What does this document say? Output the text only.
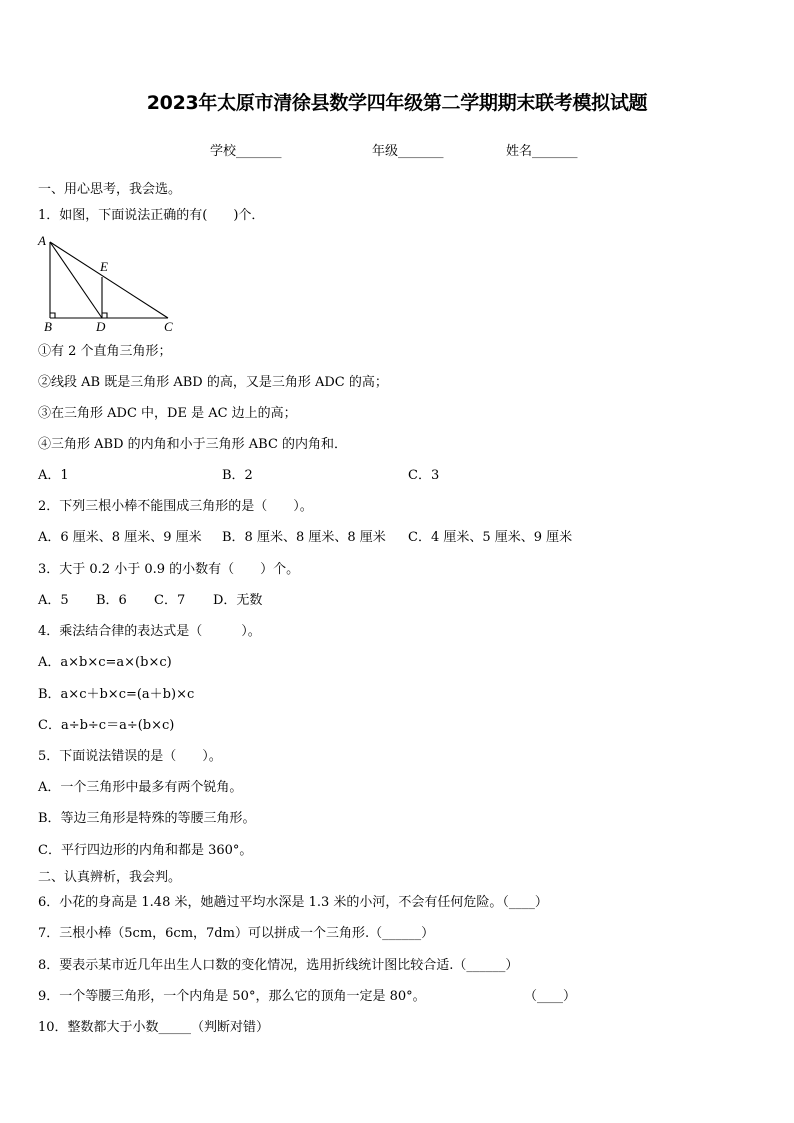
2023年太原市清徐县数学四年级第二学期期末联考模拟试题
学校_______	年级_______	姓名_______
一、用心思考，我会选。
1．如图，下面说法正确的有(　　)个．
A
B	D	C
E
①有 2 个直角三角形；
②线段 AB 既是三角形 ABD 的高，又是三角形 ADC 的高；
③在三角形 ADC 中，DE 是 AC 边上的高；
④三角形 ABD 的内角和小于三角形 ABC 的内角和．
A．1	B．2	C．3
2．下列三根小棒不能围成三角形的是（　　）。
A．6 厘米、8 厘米、9 厘米 B．8 厘米、8 厘米、8 厘米 C．4 厘米、5 厘米、9 厘米
3．大于 0.2 小于 0.9 的小数有（　　）个。
A．5 B．6 C．7 D．无数
4．乘法结合律的表达式是（　　　）。
A．a×b×c=a×(b×c)
B．a×c＋b×c=(a＋b)×c
C．a÷b÷c＝a÷(b×c)
5．下面说法错误的是（　　）。
A．一个三角形中最多有两个锐角。
B．等边三角形是特殊的等腰三角形。
C．平行四边形的内角和都是 360°。
二、认真辨析，我会判。
6．小花的身高是 1.48 米，她趟过平均水深是 1.3 米的小河，不会有任何危险。（____）
7．三根小棒（5cm，6cm，7dm）可以拼成一个三角形.（______）
8．要表示某市近几年出生人口数的变化情况，选用折线统计图比较合适.（______）
9．一个等腰三角形，一个内角是 50°，那么它的顶角一定是 80°。	（____）
10．整数都大于小数_____（判断对错）
